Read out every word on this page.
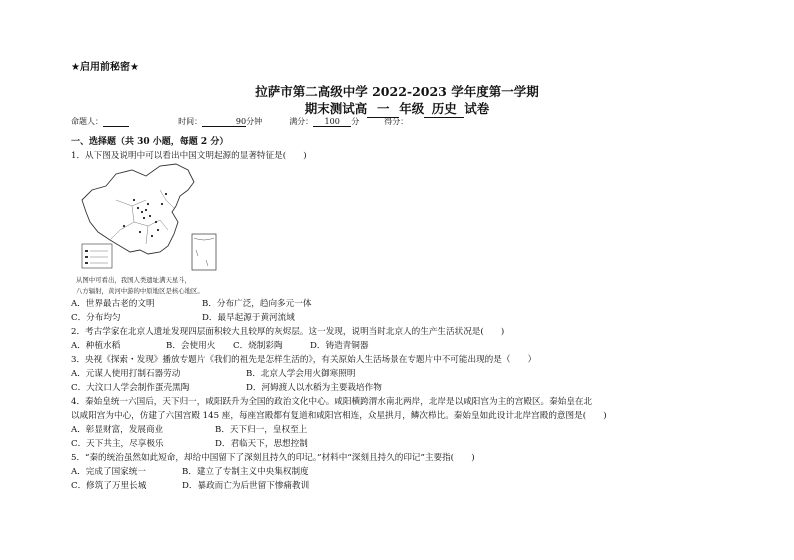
★启用前秘密★
拉萨市第二高级中学 2022-2023 学年度第一学期
期末测试高 一 年级 历史 试卷
命题人：	时间：	90分钟	满分： 100 分	得分：
一、选择题（共 30 小题，每题 2 分）
1．从下图及说明中可以看出中国文明起源的显著特征是(　　)
从图中可看出，我国人类遗址满天星斗，
八方辐射，黄河中游的中原地区是核心地区。
A．世界最古老的文明	B．分布广泛，趋向多元一体
C．分布均匀	D．最早起源于黄河流域
2．考古学家在北京人遗址发现四层面积较大且较厚的灰烬层。这一发现，说明当时北京人的生产生活状况是(　　)
A．种植水稻	B．会使用火 C．烧制彩陶	D．铸造青铜器
3．央视《探索・发现》播放专题片《我们的祖先是怎样生活的》，有关原始人生活场景在专题片中不可能出现的是（　　）
A．元谋人使用打制石器劳动	B．北京人学会用火御寒照明
C．大汶口人学会制作蛋壳黑陶	D．河姆渡人以水稻为主要栽培作物
4．秦始皇统一六国后，天下归一，咸阳跃升为全国的政治文化中心。咸阳横跨渭水南北两岸，北岸是以咸阳宫为主的宫殿区。秦始皇在北
以咸阳宫为中心，仿建了六国宫殿 145 座，每座宫殿都有复道和咸阳宫相连，众星拱月，鳞次栉比。秦始皇如此设计北岸宫殿的意图是(　　)
A．彰显财富，发展商业	B．天下归一，皇权至上
C．天下共主，尽享极乐	D．君临天下，思想控制
5．“秦的统治虽然如此短命，却给中国留下了深刻且持久的印记。”材料中“深刻且持久的印记”主要指(　　)
A．完成了国家统一	B．建立了专制主义中央集权制度
C．修筑了万里长城	D．暴政而亡为后世留下惨痛教训
